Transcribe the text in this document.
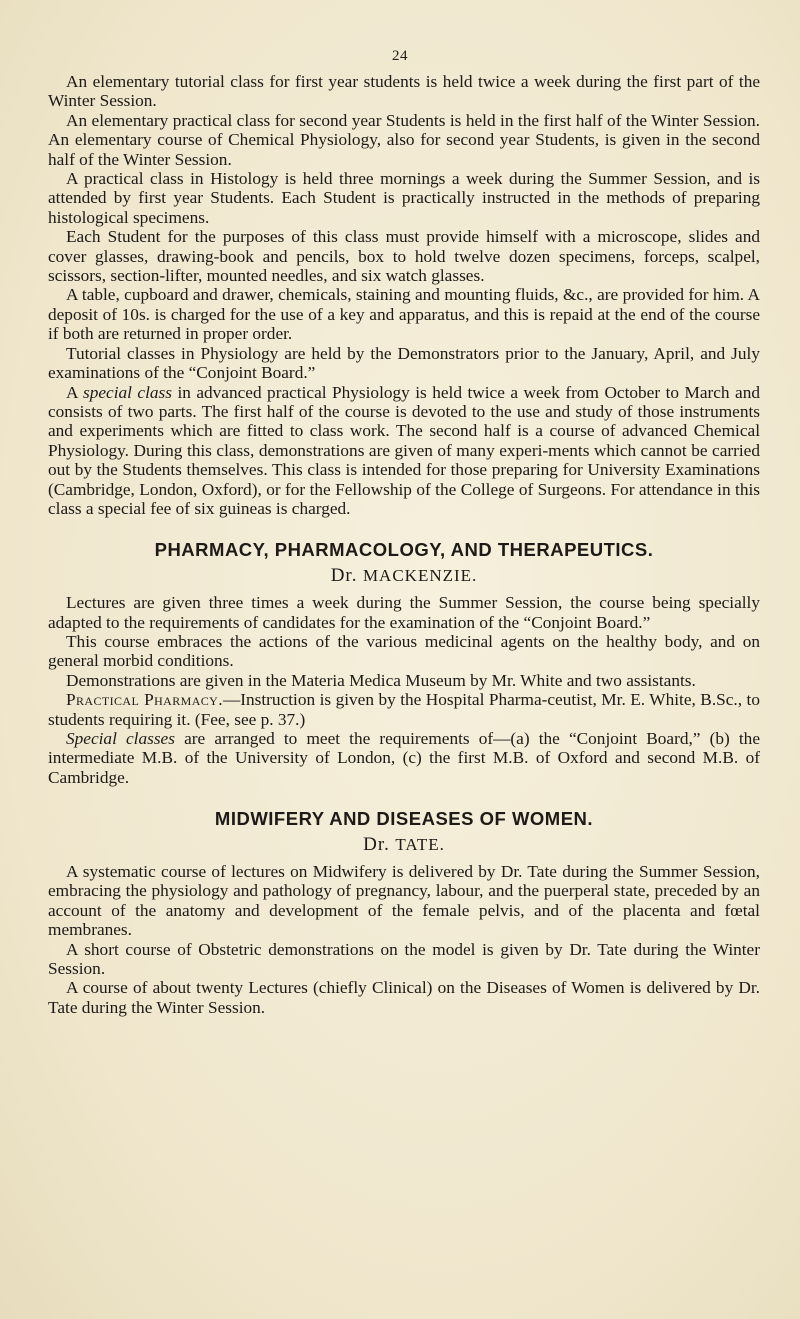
24

An elementary tutorial class for first year students is held twice a week during the first part of the Winter Session.

An elementary practical class for second year Students is held in the first half of the Winter Session. An elementary course of Chemical Physiology, also for second year Students, is given in the second half of the Winter Session.

A practical class in Histology is held three mornings a week during the Summer Session, and is attended by first year Students. Each Student is practically instructed in the methods of preparing histological specimens.

Each Student for the purposes of this class must provide himself with a microscope, slides and cover glasses, drawing-book and pencils, box to hold twelve dozen specimens, forceps, scalpel, scissors, section-lifter, mounted needles, and six watch glasses.

A table, cupboard and drawer, chemicals, staining and mounting fluids, &c., are provided for him. A deposit of 10s. is charged for the use of a key and apparatus, and this is repaid at the end of the course if both are returned in proper order.

Tutorial classes in Physiology are held by the Demonstrators prior to the January, April, and July examinations of the “Conjoint Board.”

A special class in advanced practical Physiology is held twice a week from October to March and consists of two parts. The first half of the course is devoted to the use and study of those instruments and experiments which are fitted to class work. The second half is a course of advanced Chemical Physiology. During this class, demonstrations are given of many experi-ments which cannot be carried out by the Students themselves. This class is intended for those preparing for University Examinations (Cambridge, London, Oxford), or for the Fellowship of the College of Surgeons. For attendance in this class a special fee of six guineas is charged.

PHARMACY, PHARMACOLOGY, AND THERAPEUTICS.
Dr. MACKENZIE.

Lectures are given three times a week during the Summer Session, the course being specially adapted to the requirements of candidates for the examination of the “Conjoint Board.”

This course embraces the actions of the various medicinal agents on the healthy body, and on general morbid conditions.

Demonstrations are given in the Materia Medica Museum by Mr. White and two assistants.

Practical Pharmacy.—Instruction is given by the Hospital Pharma-ceutist, Mr. E. White, B.Sc., to students requiring it. (Fee, see p. 37.)

Special classes are arranged to meet the requirements of—(a) the “Conjoint Board,” (b) the intermediate M.B. of the University of London, (c) the first M.B. of Oxford and second M.B. of Cambridge.

MIDWIFERY AND DISEASES OF WOMEN.
Dr. TATE.

A systematic course of lectures on Midwifery is delivered by Dr. Tate during the Summer Session, embracing the physiology and pathology of pregnancy, labour, and the puerperal state, preceded by an account of the anatomy and development of the female pelvis, and of the placenta and fœtal membranes.

A short course of Obstetric demonstrations on the model is given by Dr. Tate during the Winter Session.

A course of about twenty Lectures (chiefly Clinical) on the Diseases of Women is delivered by Dr. Tate during the Winter Session.
